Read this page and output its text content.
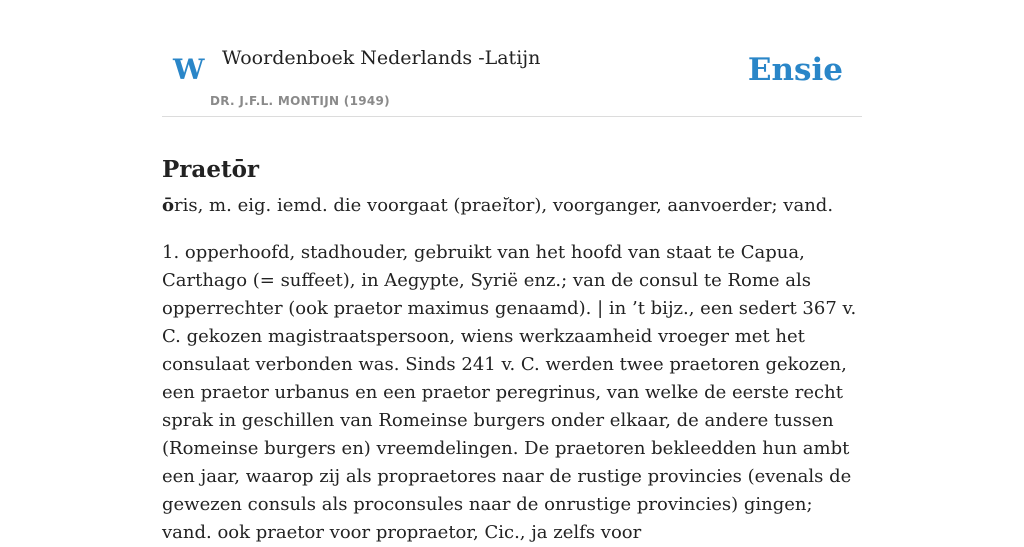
W Woordenboek Nederlands -Latijn
DR. J.F.L. MONTIJN (1949)
Ensie
Praetōr

ōris, m. eig. iemd. die voorgaat (praeĭtor), voorganger, aanvoerder; vand.

1. opperhoofd, stadhouder, gebruikt van het hoofd van staat te Capua, Carthago (= suffeet), in Aegypte, Syrië enz.; van de consul te Rome als opperrechter (ook praetor maximus genaamd). | in ’t bijz., een sedert 367 v. C. gekozen magistraatspersoon, wiens werkzaamheid vroeger met het consulaat verbonden was. Sinds 241 v. C. werden twee praetoren gekozen, een praetor urbanus en een praetor peregrinus, van welke de eerste recht sprak in geschillen van Romeinse burgers onder elkaar, de andere tussen (Romeinse burgers en) vreemdelingen. De praetoren bekleedden hun ambt een jaar, waarop zij als propraetores naar de rustige provincies (evenals de gewezen consuls als proconsules naar de onrustige provincies) gingen; vand. ook praetor voor propraetor, Cic., ja zelfs voor
